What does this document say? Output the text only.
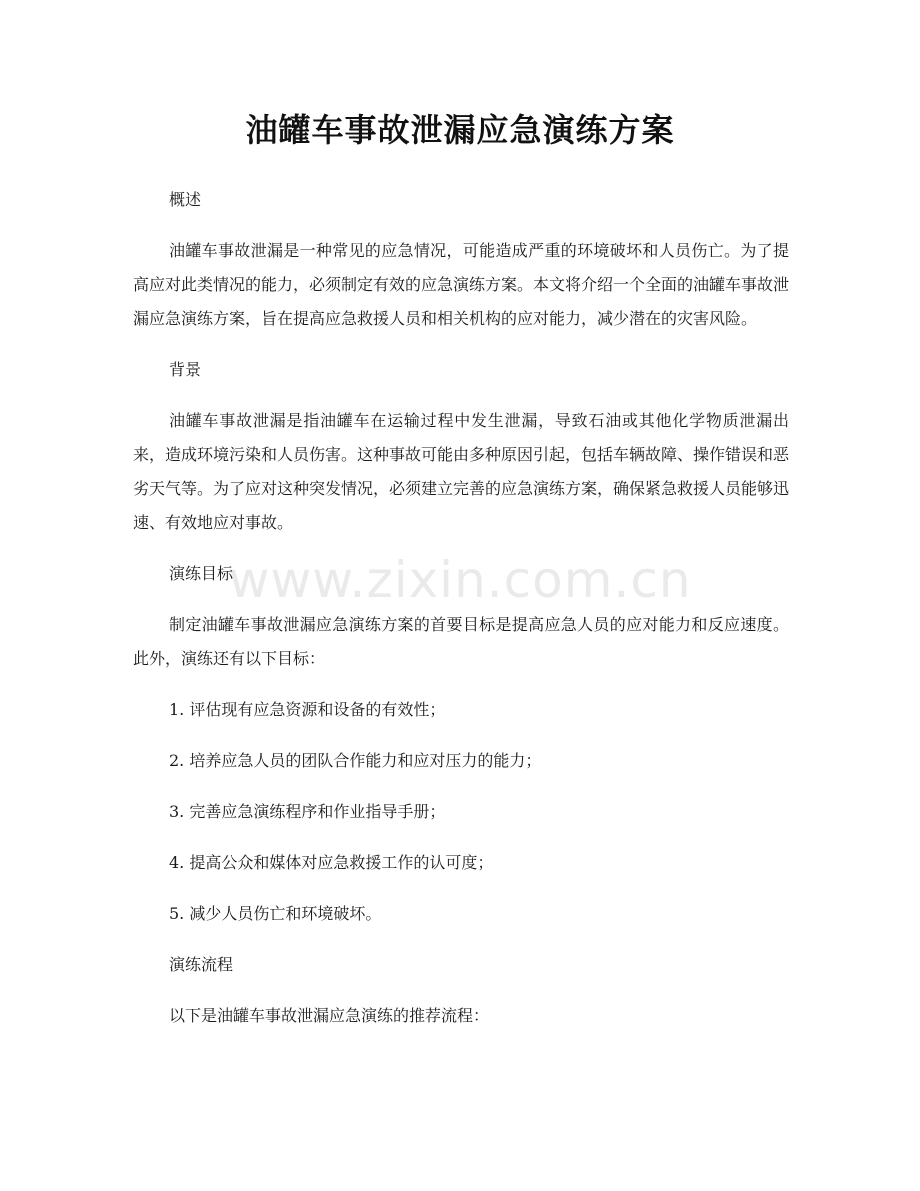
油罐车事故泄漏应急演练方案
www.zixin.com.cn

概述

油罐车事故泄漏是一种常见的应急情况，可能造成严重的环境破坏和人员伤亡。为了提高应对此类情况的能力，必须制定有效的应急演练方案。本文将介绍一个全面的油罐车事故泄漏应急演练方案，旨在提高应急救援人员和相关机构的应对能力，减少潜在的灾害风险。

背景

油罐车事故泄漏是指油罐车在运输过程中发生泄漏，导致石油或其他化学物质泄漏出来，造成环境污染和人员伤害。这种事故可能由多种原因引起，包括车辆故障、操作错误和恶劣天气等。为了应对这种突发情况，必须建立完善的应急演练方案，确保紧急救援人员能够迅速、有效地应对事故。

演练目标

制定油罐车事故泄漏应急演练方案的首要目标是提高应急人员的应对能力和反应速度。此外，演练还有以下目标：

1. 评估现有应急资源和设备的有效性；

2. 培养应急人员的团队合作能力和应对压力的能力；

3. 完善应急演练程序和作业指导手册；

4. 提高公众和媒体对应急救援工作的认可度；

5. 减少人员伤亡和环境破坏。

演练流程

以下是油罐车事故泄漏应急演练的推荐流程：
